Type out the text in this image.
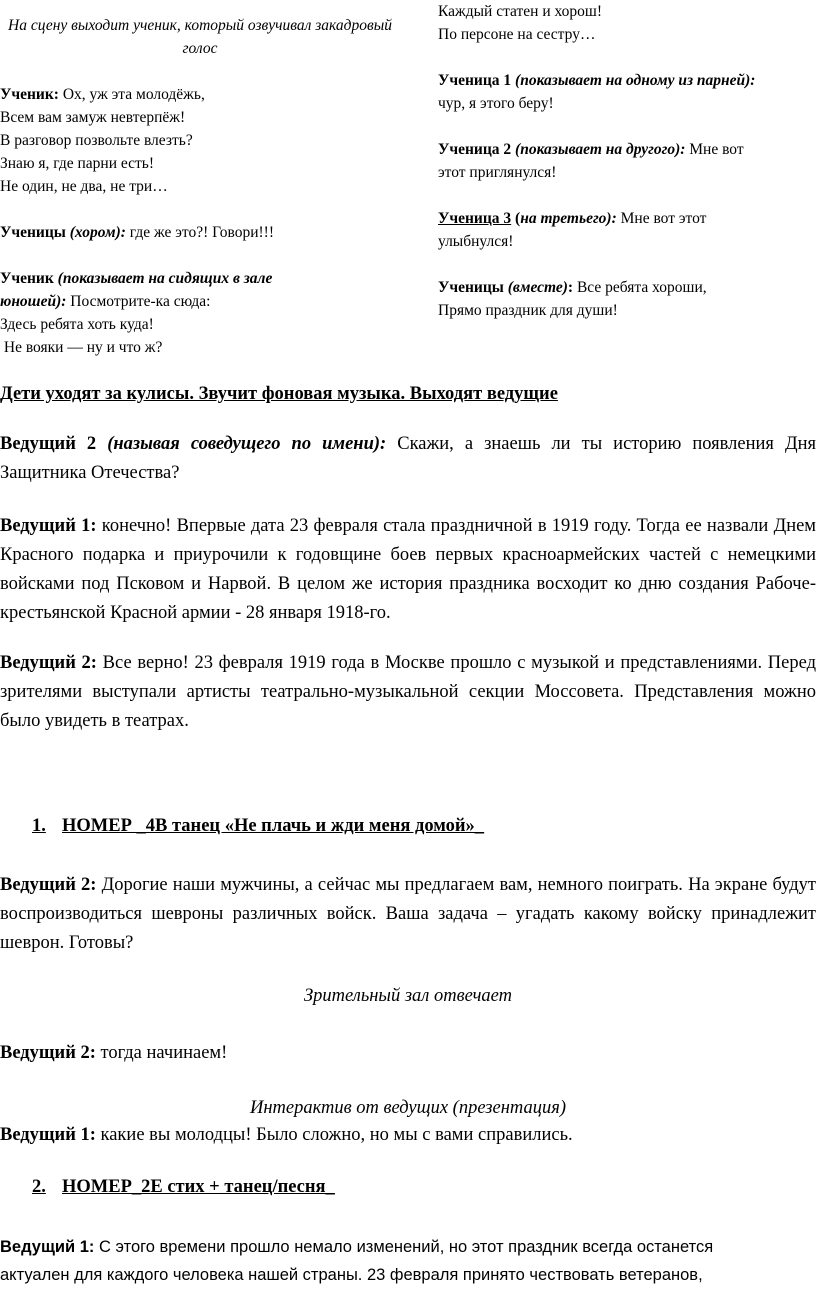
На сцену выходит ученик, который озвучивал закадровый голос
Ученик: Ох, уж эта молодёжь,
Всем вам замуж невтерпёж!
В разговор позвольте влезть?
Знаю я, где парни есть!
Не один, не два, не три…
Ученицы (хором): где же это?! Говори!!!
Ученик (показывает на сидящих в зале
юношей): Посмотрите-ка сюда:
Здесь ребята хоть куда!
Не вояки — ну и что ж?
Каждый статен и хорош!
По персоне на сестру…
Ученица 1 (показывает на одному из парней):
чур, я этого беру!
Ученица 2 (показывает на другого): Мне вот
этот приглянулся!
Ученица 3 (на третьего): Мне вот этот
улыбнулся!
Ученицы (вместе): Все ребята хороши,
Прямо праздник для души!
Дети уходят за кулисы. Звучит фоновая музыка. Выходят ведущие
Ведущий 2 (называя соведущего по имени): Скажи, а знаешь ли ты историю появления Дня Защитника Отечества?
Ведущий 1: конечно! Впервые дата 23 февраля стала праздничной в 1919 году. Тогда ее назвали Днем Красного подарка и приурочили к годовщине боев первых красноармейских частей с немецкими войсками под Псковом и Нарвой. В целом же история праздника восходит ко дню создания Рабоче-крестьянской Красной армии - 28 января 1918-го.
Ведущий 2: Все верно! 23 февраля 1919 года в Москве прошло с музыкой и представлениями. Перед зрителями выступали артисты театрально-музыкальной секции Моссовета. Представления можно было увидеть в театрах.
1. НОМЕР _4В танец «Не плачь и жди меня домой»_
Ведущий 2: Дорогие наши мужчины, а сейчас мы предлагаем вам, немного поиграть. На экране будут воспроизводиться шевроны различных войск. Ваша задача – угадать какому войску принадлежит шеврон. Готовы?
Зрительный зал отвечает
Ведущий 2: тогда начинаем!
Интерактив от ведущих (презентация)
Ведущий 1: какие вы молодцы! Было сложно, но мы с вами справились.
2. НОМЕР_2Е стих + танец/песня_
Ведущий 1: С этого времени прошло немало изменений, но этот праздник всегда останется
актуален для каждого человека нашей страны. 23 февраля принято чествовать ветеранов,
